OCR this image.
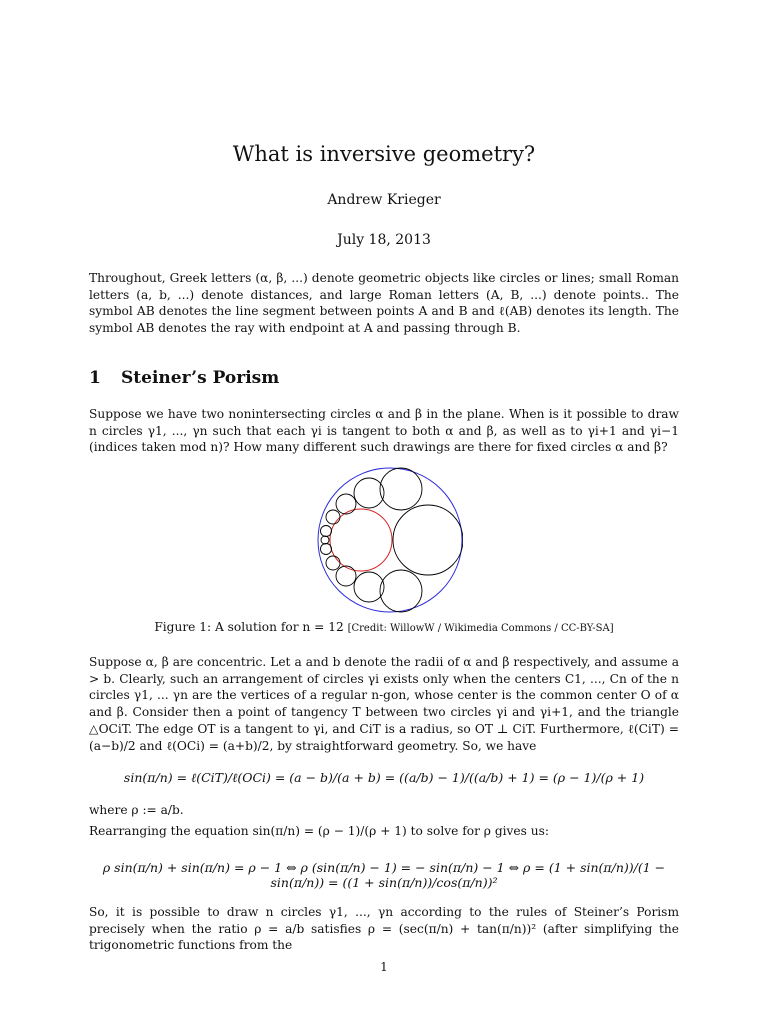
What is inversive geometry?
Andrew Krieger
July 18, 2013

Throughout, Greek letters (α, β, ...) denote geometric objects like circles or lines; small Roman letters (a, b, ...) denote distances, and large Roman letters (A, B, ...) denote points.. The symbol AB denotes the line segment between points A and B and ℓ(AB) denotes its length. The symbol AB denotes the ray with endpoint at A and passing through B.

1 Steiner’s Porism

Suppose we have two nonintersecting circles α and β in the plane. When is it possible to draw n circles γ1, ..., γn such that each γi is tangent to both α and β, as well as to γi+1 and γi−1 (indices taken mod n)? How many different such drawings are there for fixed circles α and β?

Figure 1: A solution for n = 12 [Credit: WillowW / Wikimedia Commons / CC-BY-SA]

Suppose α, β are concentric. Let a and b denote the radii of α and β respectively, and assume a > b. Clearly, such an arrangement of circles γi exists only when the centers C1, ..., Cn of the n circles γ1, ... γn are the vertices of a regular n-gon, whose center is the common center O of α and β. Consider then a point of tangency T between two circles γi and γi+1, and the triangle △OCiT. The edge OT is a tangent to γi, and CiT is a radius, so OT ⊥ CiT. Furthermore, ℓ(CiT) = (a−b)/2 and ℓ(OCi) = (a+b)/2, by straightforward geometry. So, we have

sin(π/n) = ℓ(CiT)/ℓ(OCi) = (a − b)/(a + b) = ((a/b) − 1)/((a/b) + 1) = (ρ − 1)/(ρ + 1)

where ρ := a/b.

Rearranging the equation sin(π/n) = (ρ − 1)/(ρ + 1) to solve for ρ gives us:

ρ sin(π/n) + sin(π/n) = ρ − 1 ⇔ ρ (sin(π/n) − 1) = − sin(π/n) − 1 ⇔ ρ = (1 + sin(π/n))/(1 − sin(π/n)) = ((1 + sin(π/n))/cos(π/n))²

So, it is possible to draw n circles γ1, ..., γn according to the rules of Steiner’s Porism precisely when the ratio ρ = a/b satisfies ρ = (sec(π/n) + tan(π/n))² (after simplifying the trigonometric functions from the

1
